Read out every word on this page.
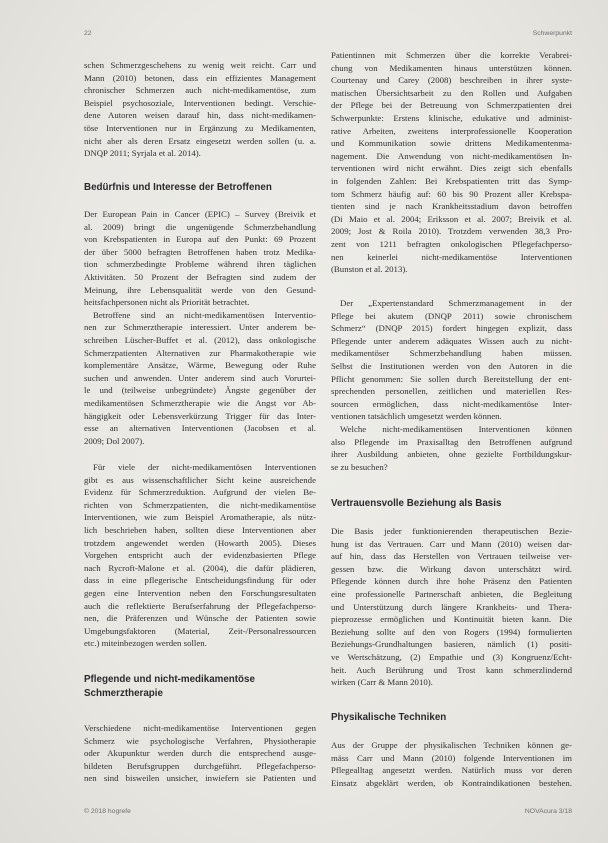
22	Schwerpunkt
schen Schmerzgeschehens zu wenig weit reicht. Carr und
Mann (2010) betonen, dass ein effizientes Management
chronischer Schmerzen auch nicht-medikamentöse, zum
Beispiel psychosoziale, Interventionen bedingt. Verschie-
dene Autoren weisen darauf hin, dass nicht-medikamen-
töse Interventionen nur in Ergänzung zu Medikamenten,
nicht aber als deren Ersatz eingesetzt werden sollen (u. a.
DNQP 2011; Syrjala et al. 2014).
Bedürfnis und Interesse der Betroffenen
Der European Pain in Cancer (EPIC) – Survey (Breivik et
al. 2009) bringt die ungenügende Schmerzbehandlung
von Krebspatienten in Europa auf den Punkt: 69 Prozent
der über 5000 befragten Betroffenen haben trotz Medika-
tion schmerzbedingte Probleme während ihren täglichen
Aktivitäten. 50 Prozent der Befragten sind zudem der
Meinung, ihre Lebensqualität werde von den Gesund-
heitsfachpersonen nicht als Priorität betrachtet.
Betroffene sind an nicht-medikamentösen Interventio-
nen zur Schmerztherapie interessiert. Unter anderem be-
schreiben Lüscher-Buffet et al. (2012), dass onkologische
Schmerzpatienten Alternativen zur Pharmakotherapie wie
komplementäre Ansätze, Wärme, Bewegung oder Ruhe
suchen und anwenden. Unter anderem sind auch Vorurtei-
le und (teilweise unbegründete) Ängste gegenüber der
medikamentösen Schmerztherapie wie die Angst vor Ab-
hängigkeit oder Lebensverkürzung Trigger für das Inter-
esse an alternativen Interventionen (Jacobsen et al.
2009; Dol 2007).
Für viele der nicht-medikamentösen Interventionen
gibt es aus wissenschaftlicher Sicht keine ausreichende
Evidenz für Schmerzreduktion. Aufgrund der vielen Be-
richten von Schmerzpatienten, die nicht-medikamentöse
Interventionen, wie zum Beispiel Aromatherapie, als nütz-
lich beschrieben haben, sollten diese Interventionen aber
trotzdem angewendet werden (Howarth 2005). Dieses
Vorgehen entspricht auch der evidenzbasierten Pflege
nach Rycroft-Malone et al. (2004), die dafür plädieren,
dass in eine pflegerische Entscheidungsfindung für oder
gegen eine Intervention neben den Forschungsresultaten
auch die reflektierte Berufserfahrung der Pflegefachperso-
nen, die Präferenzen und Wünsche der Patienten sowie
Umgebungsfaktoren (Material, Zeit-/Personalressourcen
etc.) miteinbezogen werden sollen.
Pflegende und nicht-medikamentöse
Schmerztherapie
Verschiedene nicht-medikamentöse Interventionen gegen
Schmerz wie psychologische Verfahren, Physiotherapie
oder Akupunktur werden durch die entsprechend ausge-
bildeten Berufsgruppen durchgeführt. Pflegefachperso-
nen sind bisweilen unsicher, inwiefern sie Patienten und
Patientinnen mit Schmerzen über die korrekte Verabrei-
chung von Medikamenten hinaus unterstützen können.
Courtenay und Carey (2008) beschreiben in ihrer syste-
matischen Übersichtsarbeit zu den Rollen und Aufgaben
der Pflege bei der Betreuung von Schmerzpatienten drei
Schwerpunkte: Erstens klinische, edukative und administ-
rative Arbeiten, zweitens interprofessionelle Kooperation
und Kommunikation sowie drittens Medikamentenma-
nagement. Die Anwendung von nicht-medikamentösen In-
terventionen wird nicht erwähnt. Dies zeigt sich ebenfalls
in folgenden Zahlen: Bei Krebspatienten tritt das Symp-
tom Schmerz häufig auf: 60 bis 90 Prozent aller Krebspa-
tienten sind je nach Krankheitsstadium davon betroffen
(Di Maio et al. 2004; Eriksson et al. 2007; Breivik et al.
2009; Jost & Roila 2010). Trotzdem verwenden 38,3 Pro-
zent von 1211 befragten onkologischen Pflegefachperso-
nen keinerlei nicht-medikamentöse Interventionen
(Bunston et al. 2013).
Der „Expertenstandard Schmerzmanagement in der
Pflege bei akutem (DNQP 2011) sowie chronischem
Schmerz“ (DNQP 2015) fordert hingegen explizit, dass
Pflegende unter anderem adäquates Wissen auch zu nicht-
medikamentöser Schmerzbehandlung haben müssen.
Selbst die Institutionen werden von den Autoren in die
Pflicht genommen: Sie sollen durch Bereitstellung der ent-
sprechenden personellen, zeitlichen und materiellen Res-
sourcen ermöglichen, dass nicht-medikamentöse Inter-
ventionen tatsächlich umgesetzt werden können.
Welche nicht-medikamentösen Interventionen können
also Pflegende im Praxisalltag den Betroffenen aufgrund
ihrer Ausbildung anbieten, ohne gezielte Fortbildungskur-
se zu besuchen?
Vertrauensvolle Beziehung als Basis
Die Basis jeder funktionierenden therapeutischen Bezie-
hung ist das Vertrauen. Carr und Mann (2010) weisen dar-
auf hin, dass das Herstellen von Vertrauen teilweise ver-
gessen bzw. die Wirkung davon unterschätzt wird.
Pflegende können durch ihre hohe Präsenz den Patienten
eine professionelle Partnerschaft anbieten, die Begleitung
und Unterstützung durch längere Krankheits- und Thera-
pieprozesse ermöglichen und Kontinuität bieten kann. Die
Beziehung sollte auf den von Rogers (1994) formulierten
Beziehungs-Grundhaltungen basieren, nämlich (1) positi-
ve Wertschätzung, (2) Empathie und (3) Kongruenz/Echt-
heit. Auch Berührung und Trost kann schmerzlindernd
wirken (Carr & Mann 2010).
Physikalische Techniken
Aus der Gruppe der physikalischen Techniken können ge-
mäss Carr und Mann (2010) folgende Interventionen im
Pflegealltag angesetzt werden. Natürlich muss vor deren
Einsatz abgeklärt werden, ob Kontraindikationen bestehen.
© 2018 hogrefe	NOVAcura 3/18
